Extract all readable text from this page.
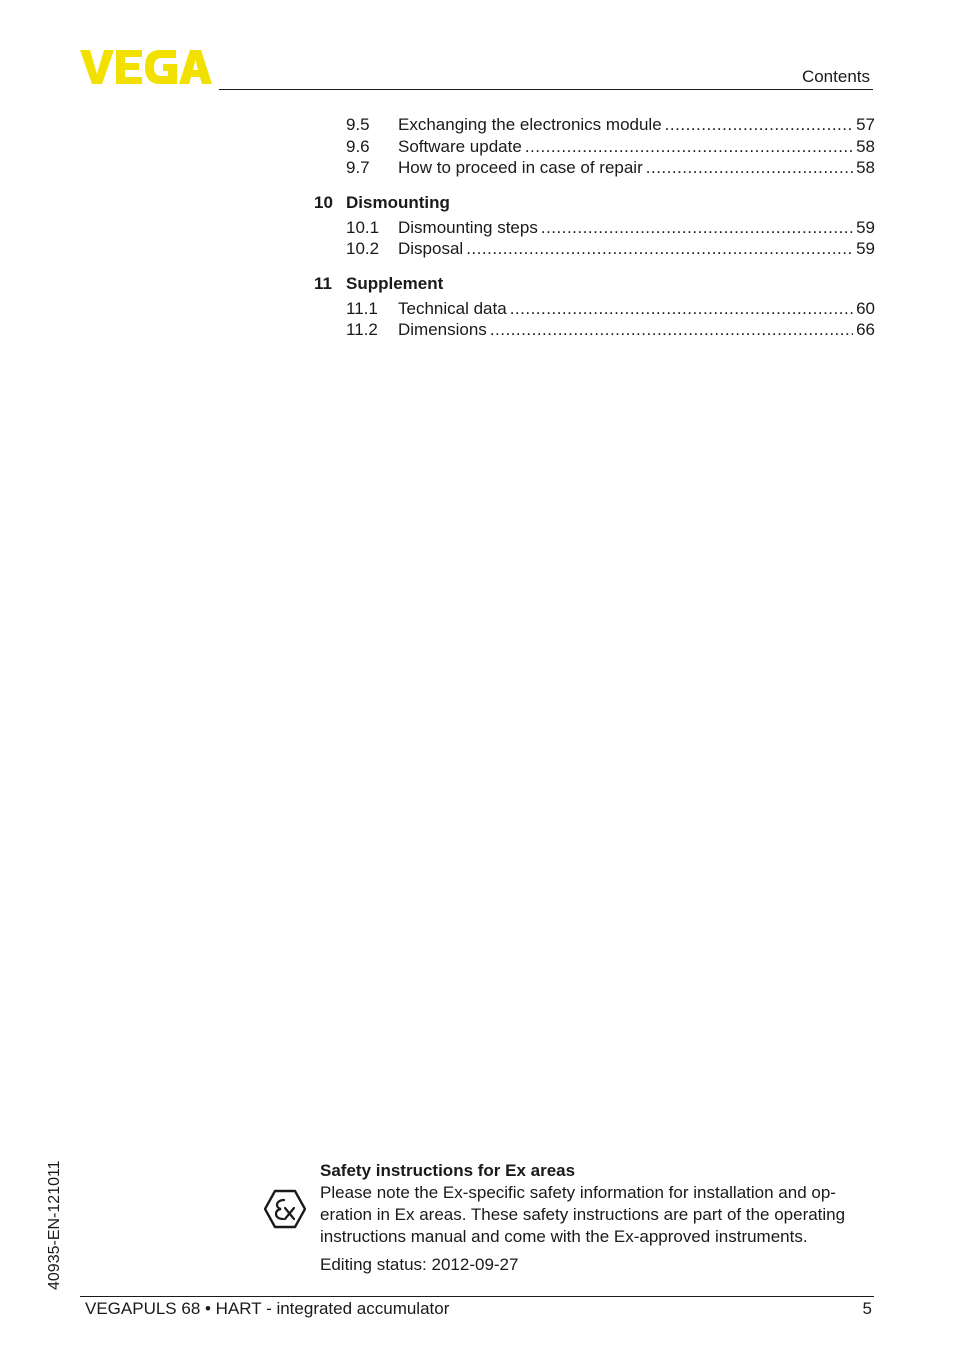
Contents
9.5	Exchanging the electronics module .....	57
9.6	Software update .....	58
9.7	How to proceed in case of repair .....	58
10 Dismounting
10.1	Dismounting steps .....	59
10.2	Disposal .....	59
11 Supplement
11.1	Technical data .....	60
11.2	Dimensions .....	66
40935-EN-121011	Safety instructions for Ex areas
Please note the Ex-specific safety information for installation and op-
eration in Ex areas. These safety instructions are part of the operating
instructions manual and come with the Ex-approved instruments.
Editing status: 2012-09-27
VEGAPULS 68 • HART - integrated accumulator	5
